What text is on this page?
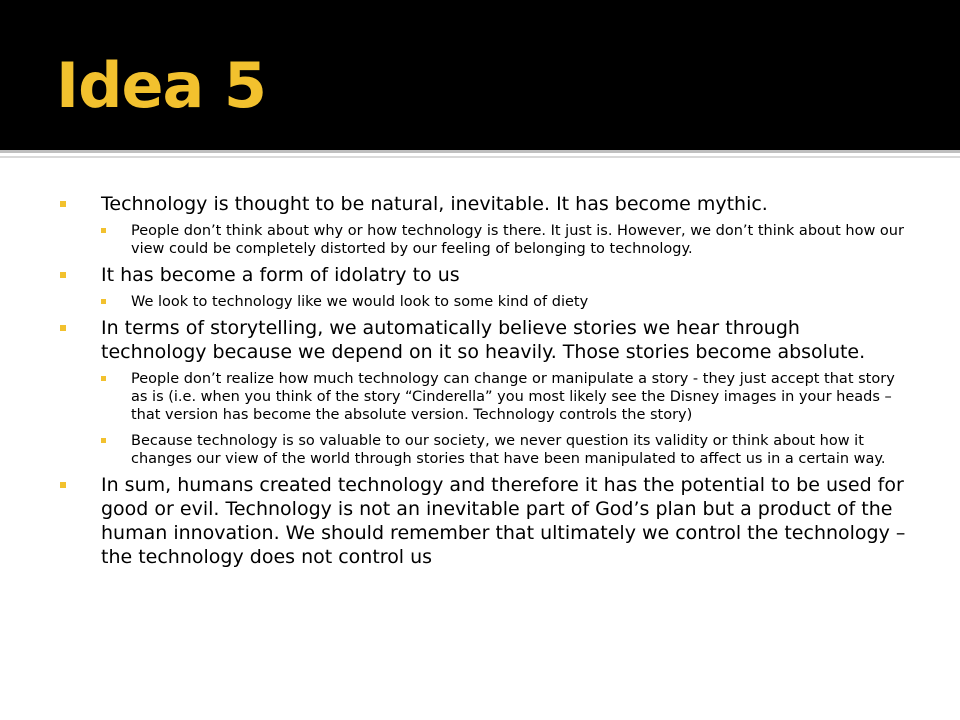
Idea 5
Technology is thought to be natural, inevitable. It has become mythic.
People don’t think about why or how technology is there. It just is. However, we don’t think about how our view could be completely distorted by our feeling of belonging to technology.
It has become a form of idolatry to us
We look to technology like we would look to some kind of diety
In terms of storytelling, we automatically believe stories we hear through technology because we depend on it so heavily. Those stories become absolute.
People don’t realize how much technology can change or manipulate a story - they just accept that story as is (i.e. when you think of the story “Cinderella” you most likely see the Disney images in your heads – that version has become the absolute version. Technology controls the story)
Because technology is so valuable to our society, we never question its validity or think about how it changes our view of the world through stories that have been manipulated to affect us in a certain way.
In sum, humans created technology and therefore it has the potential to be used for good or evil. Technology is not an inevitable part of God’s plan but a product of the human innovation. We should remember that ultimately we control the technology – the technology does not control us
